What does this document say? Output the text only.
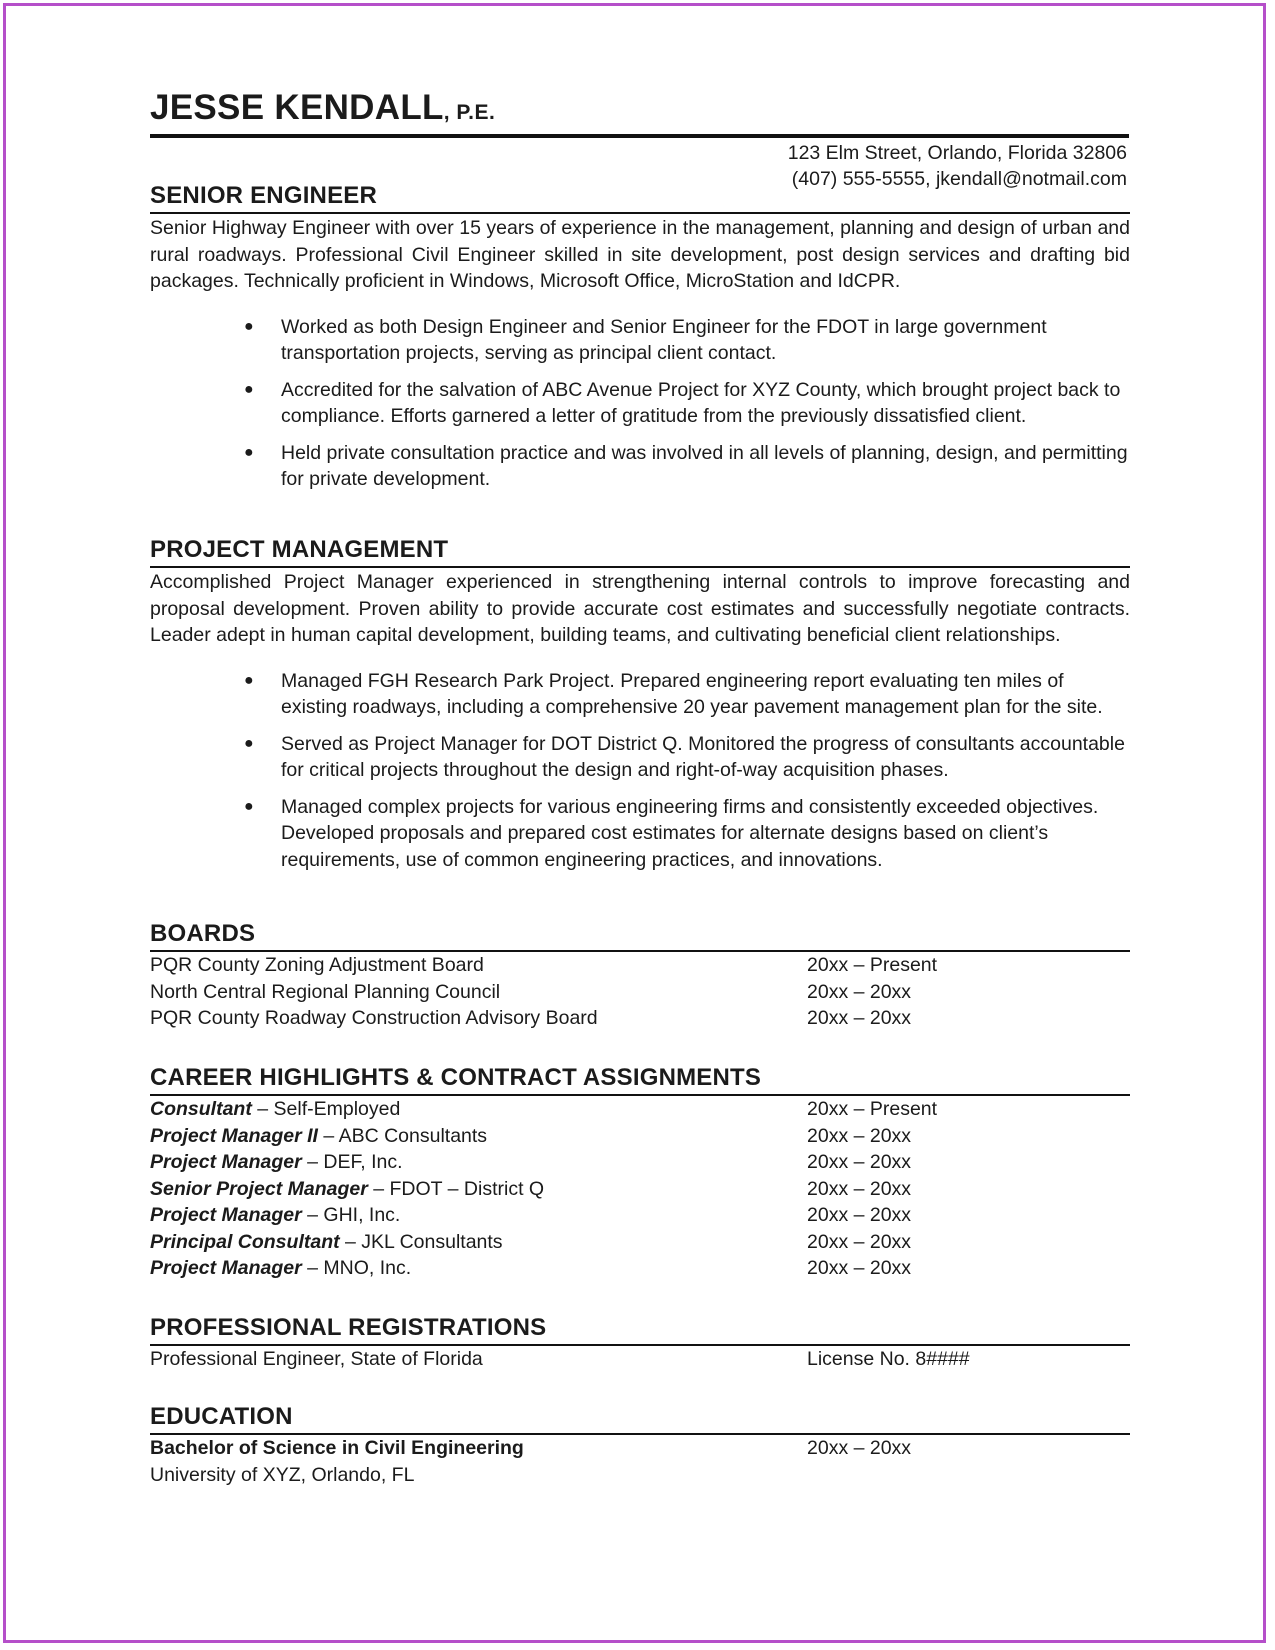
JESSE KENDALL, P.E.
123 Elm Street, Orlando, Florida 32806
(407) 555-5555, jkendall@notmail.com
SENIOR ENGINEER
Senior Highway Engineer with over 15 years of experience in the management, planning and design of urban and rural roadways. Professional Civil Engineer skilled in site development, post design services and drafting bid packages. Technically proficient in Windows, Microsoft Office, MicroStation and IdCPR.
● Worked as both Design Engineer and Senior Engineer for the FDOT in large government transportation projects, serving as principal client contact.
● Accredited for the salvation of ABC Avenue Project for XYZ County, which brought project back to compliance. Efforts garnered a letter of gratitude from the previously dissatisfied client.
● Held private consultation practice and was involved in all levels of planning, design, and permitting for private development.
PROJECT MANAGEMENT
Accomplished Project Manager experienced in strengthening internal controls to improve forecasting and proposal development. Proven ability to provide accurate cost estimates and successfully negotiate contracts. Leader adept in human capital development, building teams, and cultivating beneficial client relationships.
● Managed FGH Research Park Project. Prepared engineering report evaluating ten miles of existing roadways, including a comprehensive 20 year pavement management plan for the site.
● Served as Project Manager for DOT District Q. Monitored the progress of consultants accountable for critical projects throughout the design and right-of-way acquisition phases.
● Managed complex projects for various engineering firms and consistently exceeded objectives. Developed proposals and prepared cost estimates for alternate designs based on client’s requirements, use of common engineering practices, and innovations.
BOARDS
PQR County Zoning Adjustment Board	20xx – Present
North Central Regional Planning Council	20xx – 20xx
PQR County Roadway Construction Advisory Board	20xx – 20xx
CAREER HIGHLIGHTS & CONTRACT ASSIGNMENTS
Consultant – Self-Employed	20xx – Present
Project Manager II – ABC Consultants	20xx – 20xx
Project Manager – DEF, Inc.	20xx – 20xx
Senior Project Manager – FDOT – District Q	20xx – 20xx
Project Manager – GHI, Inc.	20xx – 20xx
Principal Consultant – JKL Consultants	20xx – 20xx
Project Manager – MNO, Inc.	20xx – 20xx
PROFESSIONAL REGISTRATIONS
Professional Engineer, State of Florida	License No. 8####
EDUCATION
Bachelor of Science in Civil Engineering	20xx – 20xx
University of XYZ, Orlando, FL
